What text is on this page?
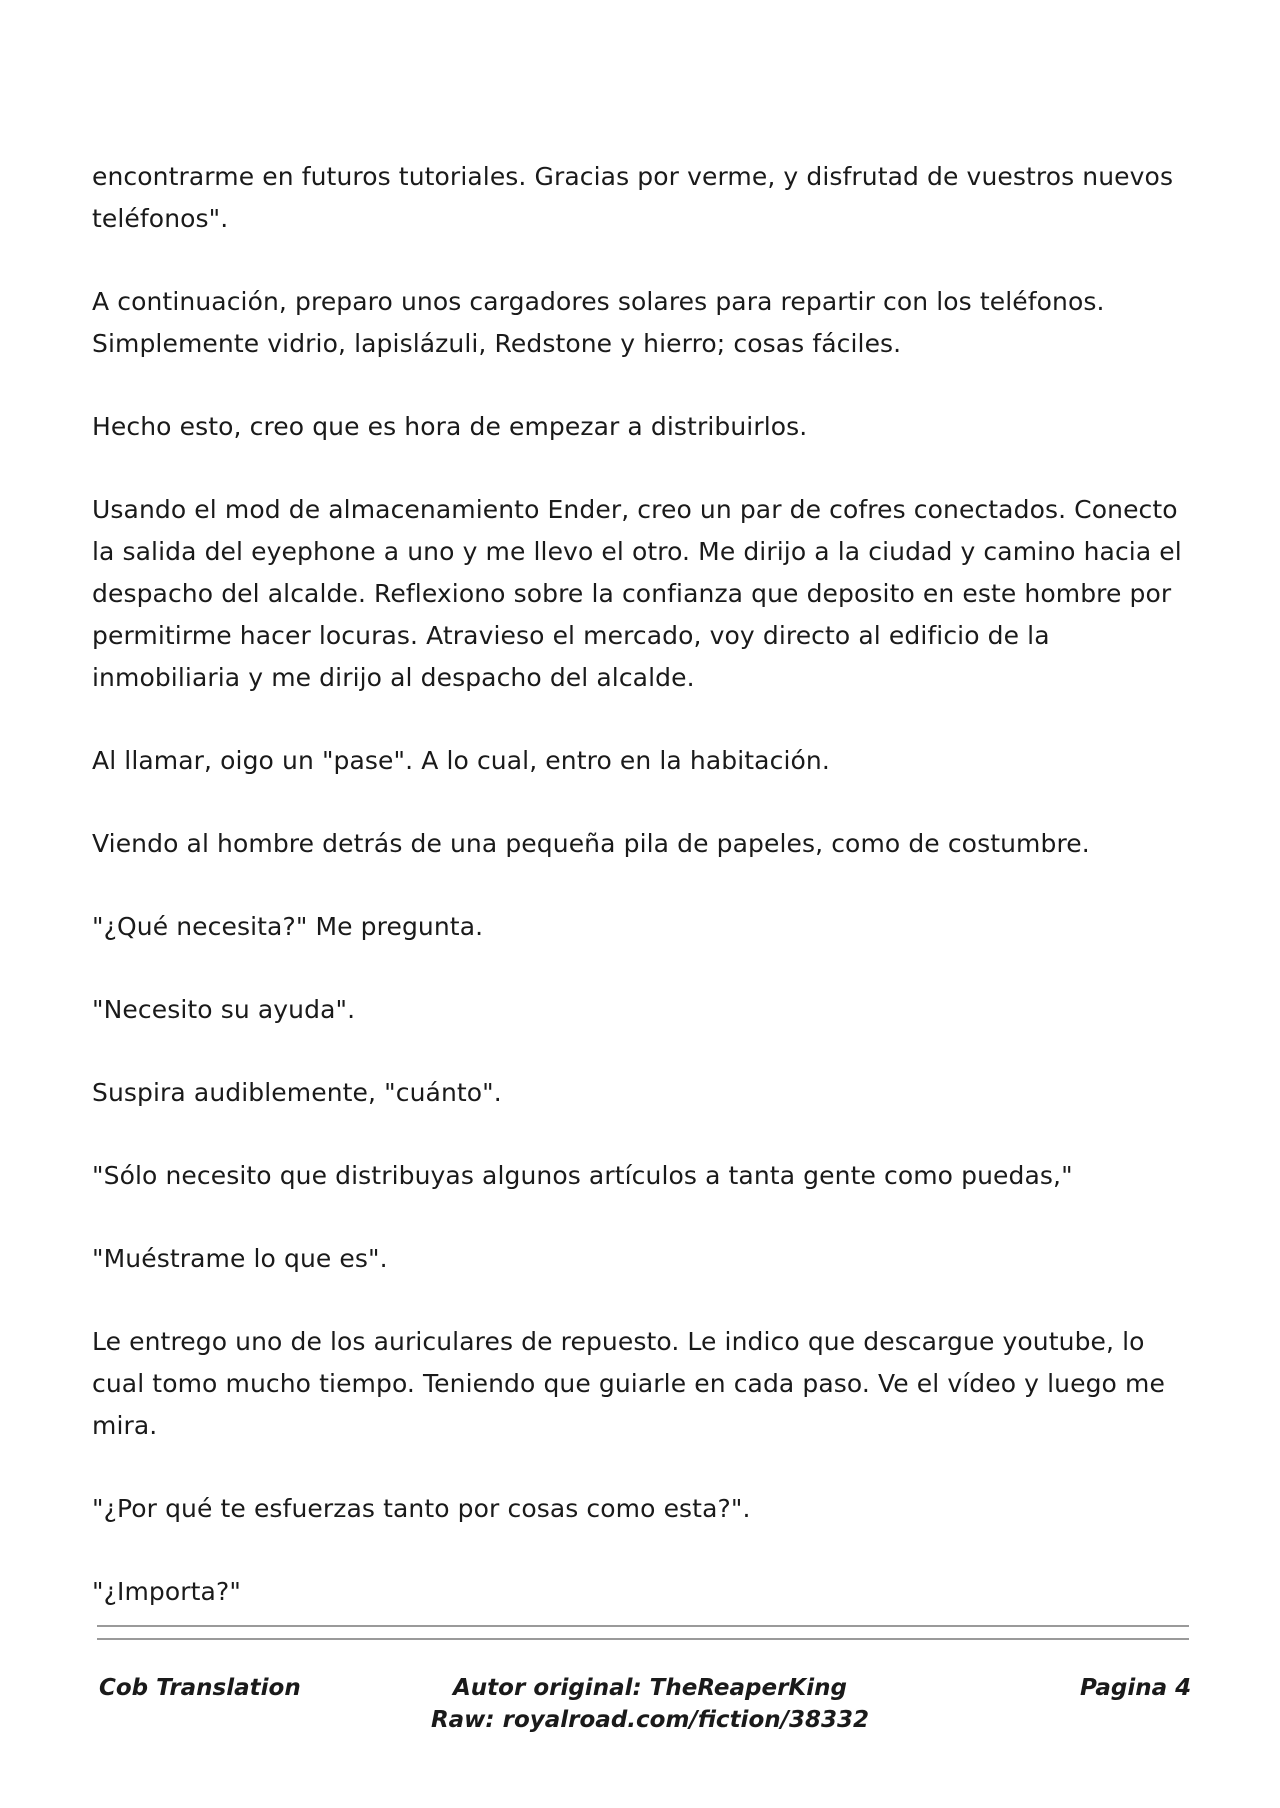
encontrarme en futuros tutoriales. Gracias por verme, y disfrutad de vuestros nuevos teléfonos".

A continuación, preparo unos cargadores solares para repartir con los teléfonos. Simplemente vidrio, lapislázuli, Redstone y hierro; cosas fáciles.

Hecho esto, creo que es hora de empezar a distribuirlos.

Usando el mod de almacenamiento Ender, creo un par de cofres conectados. Conecto la salida del eyephone a uno y me llevo el otro. Me dirijo a la ciudad y camino hacia el despacho del alcalde. Reflexiono sobre la confianza que deposito en este hombre por permitirme hacer locuras. Atravieso el mercado, voy directo al edificio de la inmobiliaria y me dirijo al despacho del alcalde.

Al llamar, oigo un "pase". A lo cual, entro en la habitación.

Viendo al hombre detrás de una pequeña pila de papeles, como de costumbre.

"¿Qué necesita?" Me pregunta.

"Necesito su ayuda".

Suspira audiblemente, "cuánto".

"Sólo necesito que distribuyas algunos artículos a tanta gente como puedas,"

"Muéstrame lo que es".

Le entrego uno de los auriculares de repuesto. Le indico que descargue youtube, lo cual tomo mucho tiempo. Teniendo que guiarle en cada paso. Ve el vídeo y luego me mira.

"¿Por qué te esfuerzas tanto por cosas como esta?".

"¿Importa?"

Cob Translation	Autor original: TheReaperKing
Raw: royalroad.com/fiction/38332
Pagina 4
